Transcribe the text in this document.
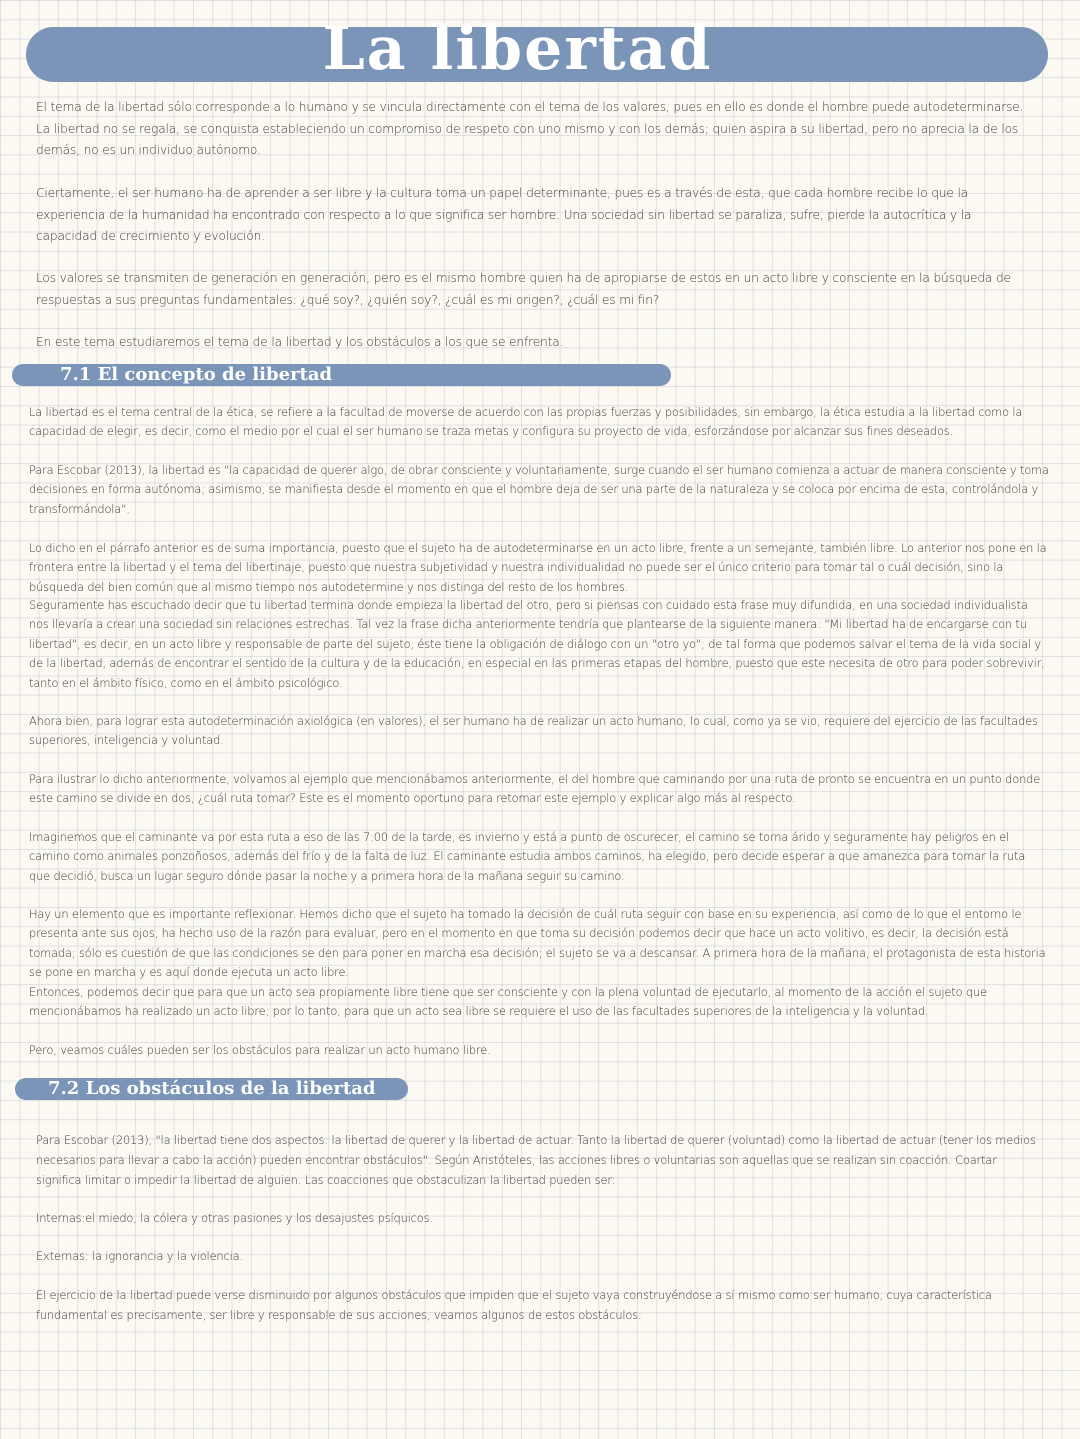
La libertad

El tema de la libertad sólo corresponde a lo humano y se vincula directamente con el tema de los valores, pues en ello es donde el hombre puede autodeterminarse. La libertad no se regala, se conquista estableciendo un compromiso de respeto con uno mismo y con los demás; quien aspira a su libertad, pero no aprecia la de los demás, no es un individuo autónomo.

Ciertamente, el ser humano ha de aprender a ser libre y la cultura toma un papel determinante, pues es a través de esta, que cada hombre recibe lo que la experiencia de la humanidad ha encontrado con respecto a lo que significa ser hombre. Una sociedad sin libertad se paraliza, sufre, pierde la autocrítica y la capacidad de crecimiento y evolución.

Los valores se transmiten de generación en generación, pero es el mismo hombre quien ha de apropiarse de estos en un acto libre y consciente en la búsqueda de respuestas a sus preguntas fundamentales: ¿qué soy?, ¿quién soy?, ¿cuál es mi origen?, ¿cuál es mi fin?

En este tema estudiaremos el tema de la libertad y los obstáculos a los que se enfrenta.

7.1 El concepto de libertad

La libertad es el tema central de la ética, se refiere a la facultad de moverse de acuerdo con las propias fuerzas y posibilidades, sin embargo, la ética estudia a la libertad como la capacidad de elegir, es decir, como el medio por el cual el ser humano se traza metas y configura su proyecto de vida, esforzándose por alcanzar sus fines deseados.

Para Escobar (2013), la libertad es "la capacidad de querer algo, de obrar consciente y voluntariamente, surge cuando el ser humano comienza a actuar de manera consciente y toma decisiones en forma autónoma; asimismo, se manifiesta desde el momento en que el hombre deja de ser una parte de la naturaleza y se coloca por encima de esta, controlándola y transformándola".

Lo dicho en el párrafo anterior es de suma importancia, puesto que el sujeto ha de autodeterminarse en un acto libre, frente a un semejante, también libre. Lo anterior nos pone en la frontera entre la libertad y el tema del libertinaje, puesto que nuestra subjetividad y nuestra individualidad no puede ser el único criterio para tomar tal o cuál decisión, sino la búsqueda del bien común que al mismo tiempo nos autodetermine y nos distinga del resto de los hombres.

Seguramente has escuchado decir que tu libertad termina donde empieza la libertad del otro, pero si piensas con cuidado esta frase muy difundida, en una sociedad individualista nos llevaría a crear una sociedad sin relaciones estrechas. Tal vez la frase dicha anteriormente tendría que plantearse de la siguiente manera: "Mi libertad ha de encargarse con tu libertad", es decir, en un acto libre y responsable de parte del sujeto, éste tiene la obligación de diálogo con un "otro yo"; de tal forma que podemos salvar el tema de la vida social y de la libertad, además de encontrar el sentido de la cultura y de la educación, en especial en las primeras etapas del hombre, puesto que este necesita de otro para poder sobrevivir, tanto en el ámbito físico, como en el ámbito psicológico.

Ahora bien, para lograr esta autodeterminación axiológica (en valores), el ser humano ha de realizar un acto humano, lo cual, como ya se vio, requiere del ejercicio de las facultades superiores, inteligencia y voluntad.

Para ilustrar lo dicho anteriormente, volvamos al ejemplo que mencionábamos anteriormente, el del hombre que caminando por una ruta de pronto se encuentra en un punto donde este camino se divide en dos, ¿cuál ruta tomar? Este es el momento oportuno para retomar este ejemplo y explicar algo más al respecto.

Imaginemos que el caminante va por esta ruta a eso de las 7:00 de la tarde, es invierno y está a punto de oscurecer, el camino se torna árido y seguramente hay peligros en el camino como animales ponzoñosos, además del frío y de la falta de luz. El caminante estudia ambos caminos, ha elegido, pero decide esperar a que amanezca para tomar la ruta que decidió, busca un lugar seguro dónde pasar la noche y a primera hora de la mañana seguir su camino.

Hay un elemento que es importante reflexionar. Hemos dicho que el sujeto ha tomado la decisión de cuál ruta seguir con base en su experiencia, así como de lo que el entorno le presenta ante sus ojos, ha hecho uso de la razón para evaluar, pero en el momento en que toma su decisión podemos decir que hace un acto volitivo, es decir, la decisión está tomada; sólo es cuestión de que las condiciones se den para poner en marcha esa decisión; el sujeto se va a descansar. A primera hora de la mañana, el protagonista de esta historia se pone en marcha y es aquí donde ejecuta un acto libre.

Entonces, podemos decir que para que un acto sea propiamente libre tiene que ser consciente y con la plena voluntad de ejecutarlo, al momento de la acción el sujeto que mencionábamos ha realizado un acto libre; por lo tanto, para que un acto sea libre se requiere el uso de las facultades superiores de la inteligencia y la voluntad.

Pero, veamos cuáles pueden ser los obstáculos para realizar un acto humano libre.

7.2 Los obstáculos de la libertad

Para Escobar (2013), "la libertad tiene dos aspectos: la libertad de querer y la libertad de actuar. Tanto la libertad de querer (voluntad) como la libertad de actuar (tener los medios necesarios para llevar a cabo la acción) pueden encontrar obstáculos". Según Aristóteles, las acciones libres o voluntarias son aquellas que se realizan sin coacción. Coartar significa limitar o impedir la libertad de alguien. Las coacciones que obstaculizan la libertad pueden ser:

Internas:el miedo, la cólera y otras pasiones y los desajustes psíquicos.

Externas: la ignorancia y la violencia.

El ejercicio de la libertad puede verse disminuido por algunos obstáculos que impiden que el sujeto vaya construyéndose a sí mismo como ser humano, cuya característica fundamental es precisamente, ser libre y responsable de sus acciones, veamos algunos de estos obstáculos:
